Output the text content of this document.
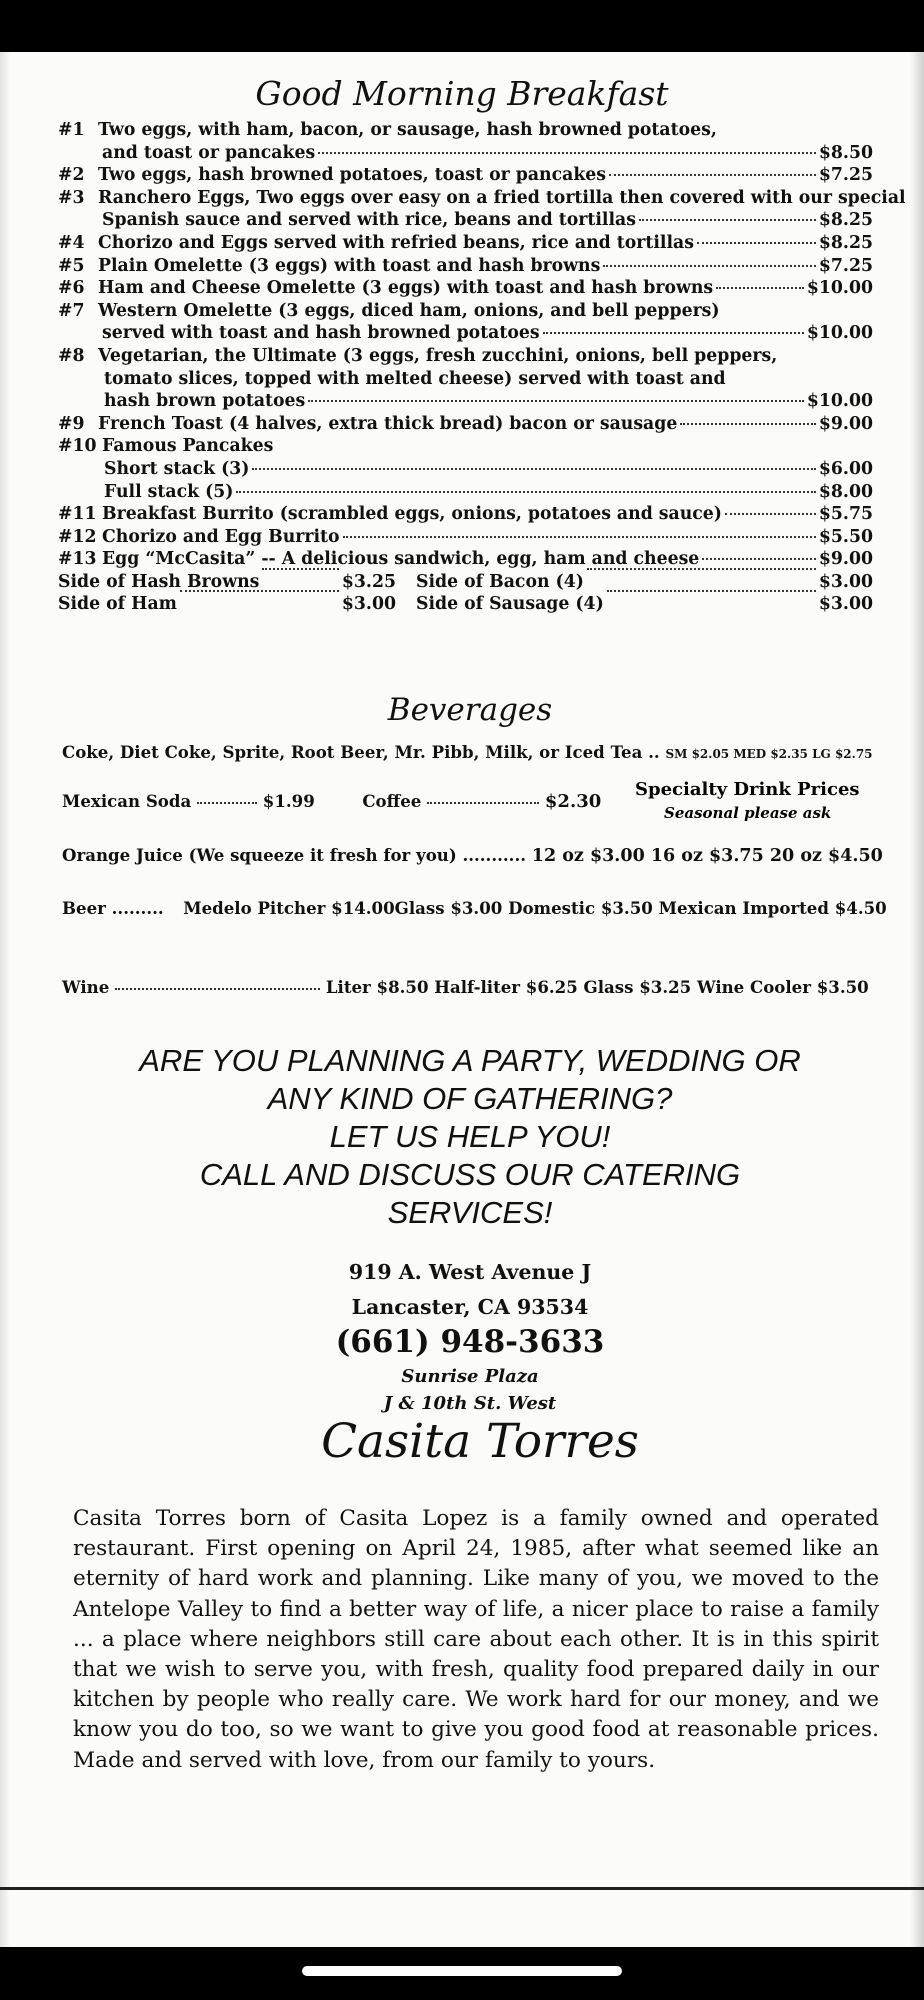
Good Morning Breakfast
#1 Two eggs, with ham, bacon, or sausage, hash browned potatoes,
and toast or pancakes	$8.50
#2 Two eggs, hash browned potatoes, toast or pancakes	$7.25
#3 Ranchero Eggs, Two eggs over easy on a fried tortilla then covered with our special
Spanish sauce and served with rice, beans and tortillas	$8.25
#4 Chorizo and Eggs served with refried beans, rice and tortillas	$8.25
#5 Plain Omelette (3 eggs) with toast and hash browns	$7.25
#6 Ham and Cheese Omelette (3 eggs) with toast and hash browns	$10.00
#7 Western Omelette (3 eggs, diced ham, onions, and bell peppers)
served with toast and hash browned potatoes	$10.00
#8 Vegetarian, the Ultimate (3 eggs, fresh zucchini, onions, bell peppers,
tomato slices, topped with melted cheese) served with toast and
hash brown potatoes	$10.00
#9 French Toast (4 halves, extra thick bread) bacon or sausage	$9.00
#10 Famous Pancakes
Short stack (3)	$6.00
Full stack (5)	$8.00
#11 Breakfast Burrito (scrambled eggs, onions, potatoes and sauce)	$5.75
#12 Chorizo and Egg Burrito	$5.50
#13 Egg “McCasita” -- A delicious sandwich, egg, ham and cheese	$9.00
Side of Hash Browns	$3.25 Side of Bacon (4)	$3.00
Side of Ham	$3.00 Side of Sausage (4)	$3.00
Beverages
Coke, Diet Coke, Sprite, Root Beer, Mr. Pibb, Milk, or Iced Tea .. SM $2.05 MED $2.35 LG $2.75
Mexican Soda	$1.99	Coffee	$2.30
Specialty Drink Prices
Seasonal please ask
Orange Juice (We squeeze it fresh for you) ........... 12 oz $3.00 16 oz $3.75 20 oz $4.50
Beer ......... Medelo Pitcher $14.00Glass $3.00 Domestic $3.50 Mexican Imported $4.50
Wine	Liter $8.50 Half-liter $6.25 Glass $3.25 Wine Cooler $3.50
ARE YOU PLANNING A PARTY, WEDDING OR
ANY KIND OF GATHERING?
LET US HELP YOU!
CALL AND DISCUSS OUR CATERING
SERVICES!
919 A. West Avenue J
Lancaster, CA 93534
(661) 948-3633
Sunrise Plaza
J & 10th St. West
Casita Torres
Casita Torres born of Casita Lopez is a family owned and operated restaurant. First opening on April 24, 1985, after what seemed like an eternity of hard work and planning. Like many of you, we moved to the Antelope Valley to find a better way of life, a nicer place to raise a family ... a place where neighbors still care about each other. It is in this spirit that we wish to serve you, with fresh, quality food prepared daily in our kitchen by people who really care. We work hard for our money, and we know you do too, so we want to give you good food at reasonable prices. Made and served with love, from our family to yours.
